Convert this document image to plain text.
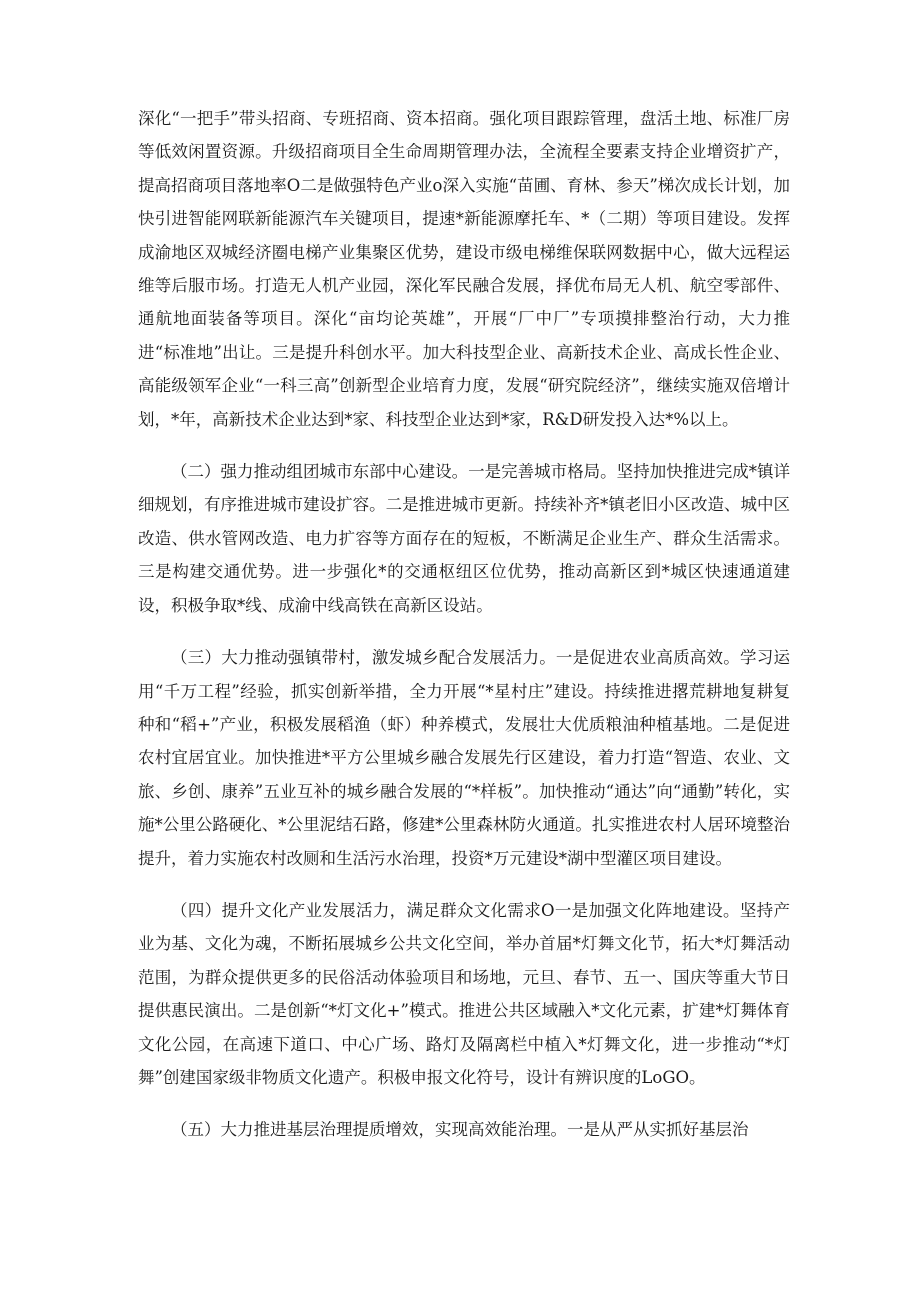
深化“一把手”带头招商、专班招商、资本招商。强化项目跟踪管理，盘活土地、标准厂房等低效闲置资源。升级招商项目全生命周期管理办法，全流程全要素支持企业增资扩产，提高招商项目落地率O二是做强特色产业o深入实施“苗圃、育林、参天”梯次成长计划，加快引进智能网联新能源汽车关键项目，提速*新能源摩托车、*（二期）等项目建设。发挥成渝地区双城经济圈电梯产业集聚区优势，建设市级电梯维保联网数据中心，做大远程运维等后服市场。打造无人机产业园，深化军民融合发展，择优布局无人机、航空零部件、通航地面装备等项目。深化“亩均论英雄”，开展“厂中厂”专项摸排整治行动，大力推进“标准地”出让。三是提升科创水平。加大科技型企业、高新技术企业、高成长性企业、高能级领军企业“一科三高”创新型企业培育力度，发展“研究院经济”，继续实施双倍增计划，*年，高新技术企业达到*家、科技型企业达到*家，R&D研发投入达*%以上。

（二）强力推动组团城市东部中心建设。一是完善城市格局。坚持加快推进完成*镇详细规划，有序推进城市建设扩容。二是推进城市更新。持续补齐*镇老旧小区改造、城中区改造、供水管网改造、电力扩容等方面存在的短板，不断满足企业生产、群众生活需求。三是构建交通优势。进一步强化*的交通枢纽区位优势，推动高新区到*城区快速通道建设，积极争取*线、成渝中线高铁在高新区设站。

（三）大力推动强镇带村，激发城乡配合发展活力。一是促进农业高质高效。学习运用“千万工程”经验，抓实创新举措，全力开展“*星村庄”建设。持续推进撂荒耕地复耕复种和“稻+”产业，积极发展稻渔（虾）种养模式，发展壮大优质粮油种植基地。二是促进农村宜居宜业。加快推进*平方公里城乡融合发展先行区建设，着力打造“智造、农业、文旅、乡创、康养”五业互补的城乡融合发展的“*样板”。加快推动“通达”向“通勤”转化，实施*公里公路硬化、*公里泥结石路，修建*公里森林防火通道。扎实推进农村人居环境整治提升，着力实施农村改厕和生活污水治理，投资*万元建设*湖中型灌区项目建设。

（四）提升文化产业发展活力，满足群众文化需求O一是加强文化阵地建设。坚持产业为基、文化为魂，不断拓展城乡公共文化空间，举办首届*灯舞文化节，拓大*灯舞活动范围，为群众提供更多的民俗活动体验项目和场地，元旦、春节、五一、国庆等重大节日提供惠民演出。二是创新“*灯文化+”模式。推进公共区域融入*文化元素，扩建*灯舞体育文化公园，在高速下道口、中心广场、路灯及隔离栏中植入*灯舞文化，进一步推动“*灯舞”创建国家级非物质文化遗产。积极申报文化符号，设计有辨识度的LoGO。

（五）大力推进基层治理提质增效，实现高效能治理。一是从严从实抓好基层治
